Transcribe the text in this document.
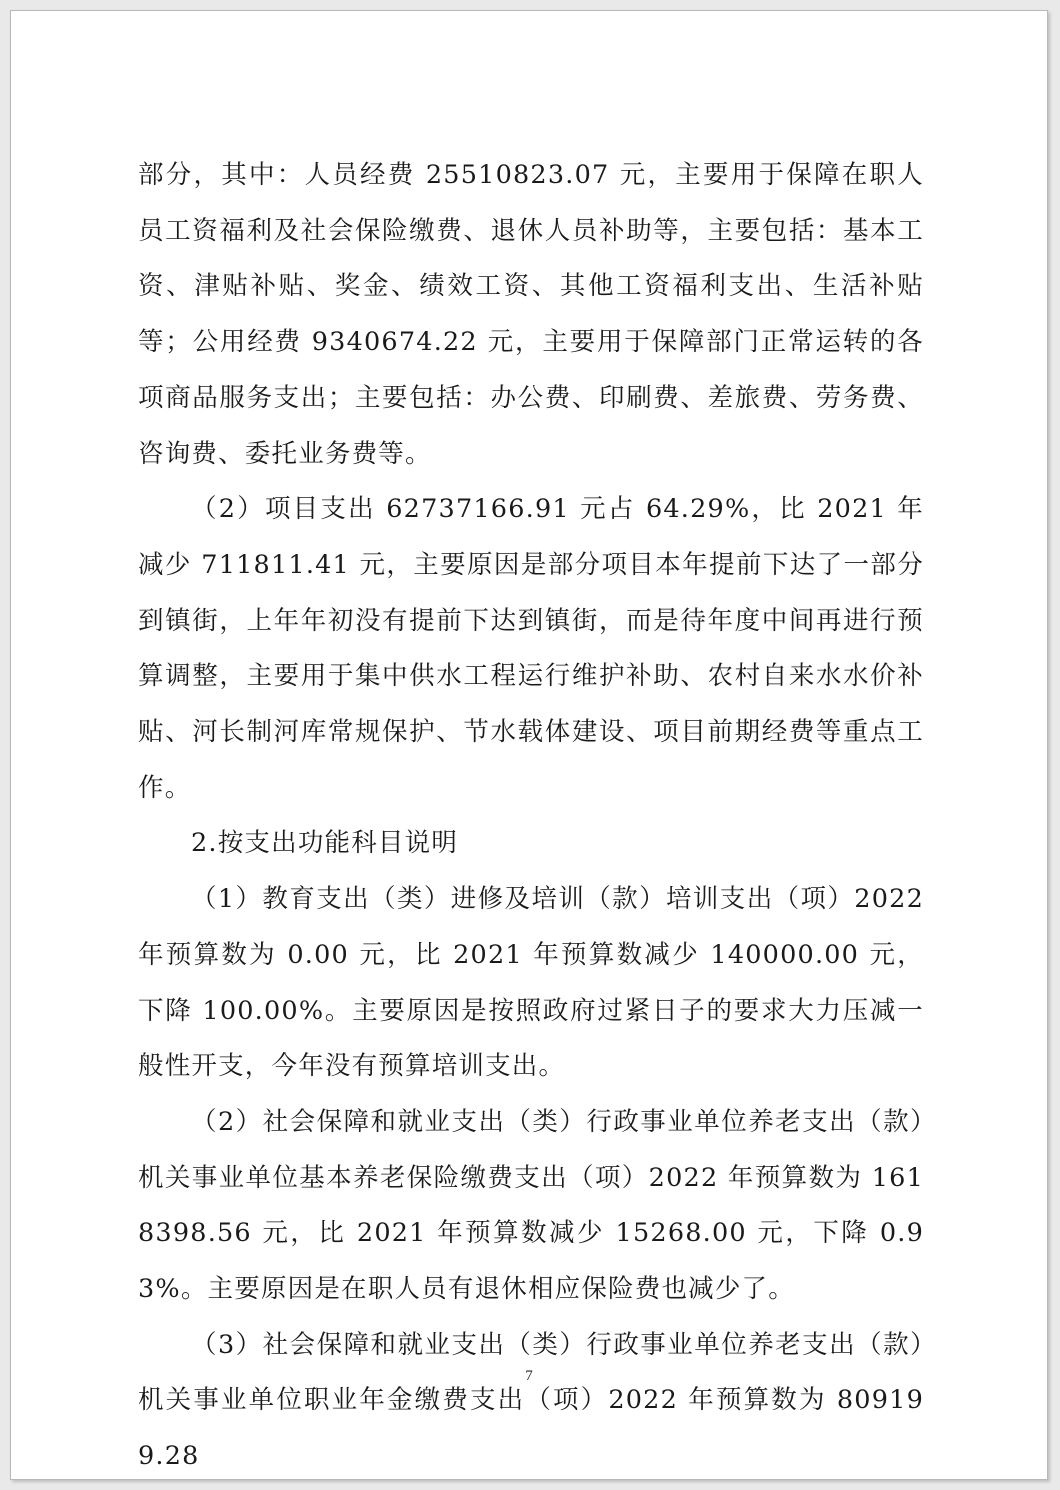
部分，其中：人员经费 25510823.07 元，主要用于保障在职人员工资福利及社会保险缴费、退休人员补助等，主要包括：基本工资、津贴补贴、奖金、绩效工资、其他工资福利支出、生活补贴等；公用经费 9340674.22 元，主要用于保障部门正常运转的各项商品服务支出；主要包括：办公费、印刷费、差旅费、劳务费、咨询费、委托业务费等。

（2）项目支出 62737166.91 元占 64.29%，比 2021 年减少 711811.41 元，主要原因是部分项目本年提前下达了一部分到镇街，上年年初没有提前下达到镇街，而是待年度中间再进行预算调整，主要用于集中供水工程运行维护补助、农村自来水水价补贴、河长制河库常规保护、节水载体建设、项目前期经费等重点工作。

2.按支出功能科目说明

（1）教育支出（类）进修及培训（款）培训支出（项）2022 年预算数为 0.00 元，比 2021 年预算数减少 140000.00 元，下降 100.00%。主要原因是按照政府过紧日子的要求大力压减一般性开支，今年没有预算培训支出。

（2）社会保障和就业支出（类）行政事业单位养老支出（款）机关事业单位基本养老保险缴费支出（项）2022 年预算数为 1618398.56 元，比 2021 年预算数减少 15268.00 元，下降 0.93%。主要原因是在职人员有退休相应保险费也减少了。

（3）社会保障和就业支出（类）行政事业单位养老支出（款）机关事业单位职业年金缴费支出（项）2022 年预算数为 809199.28

7
